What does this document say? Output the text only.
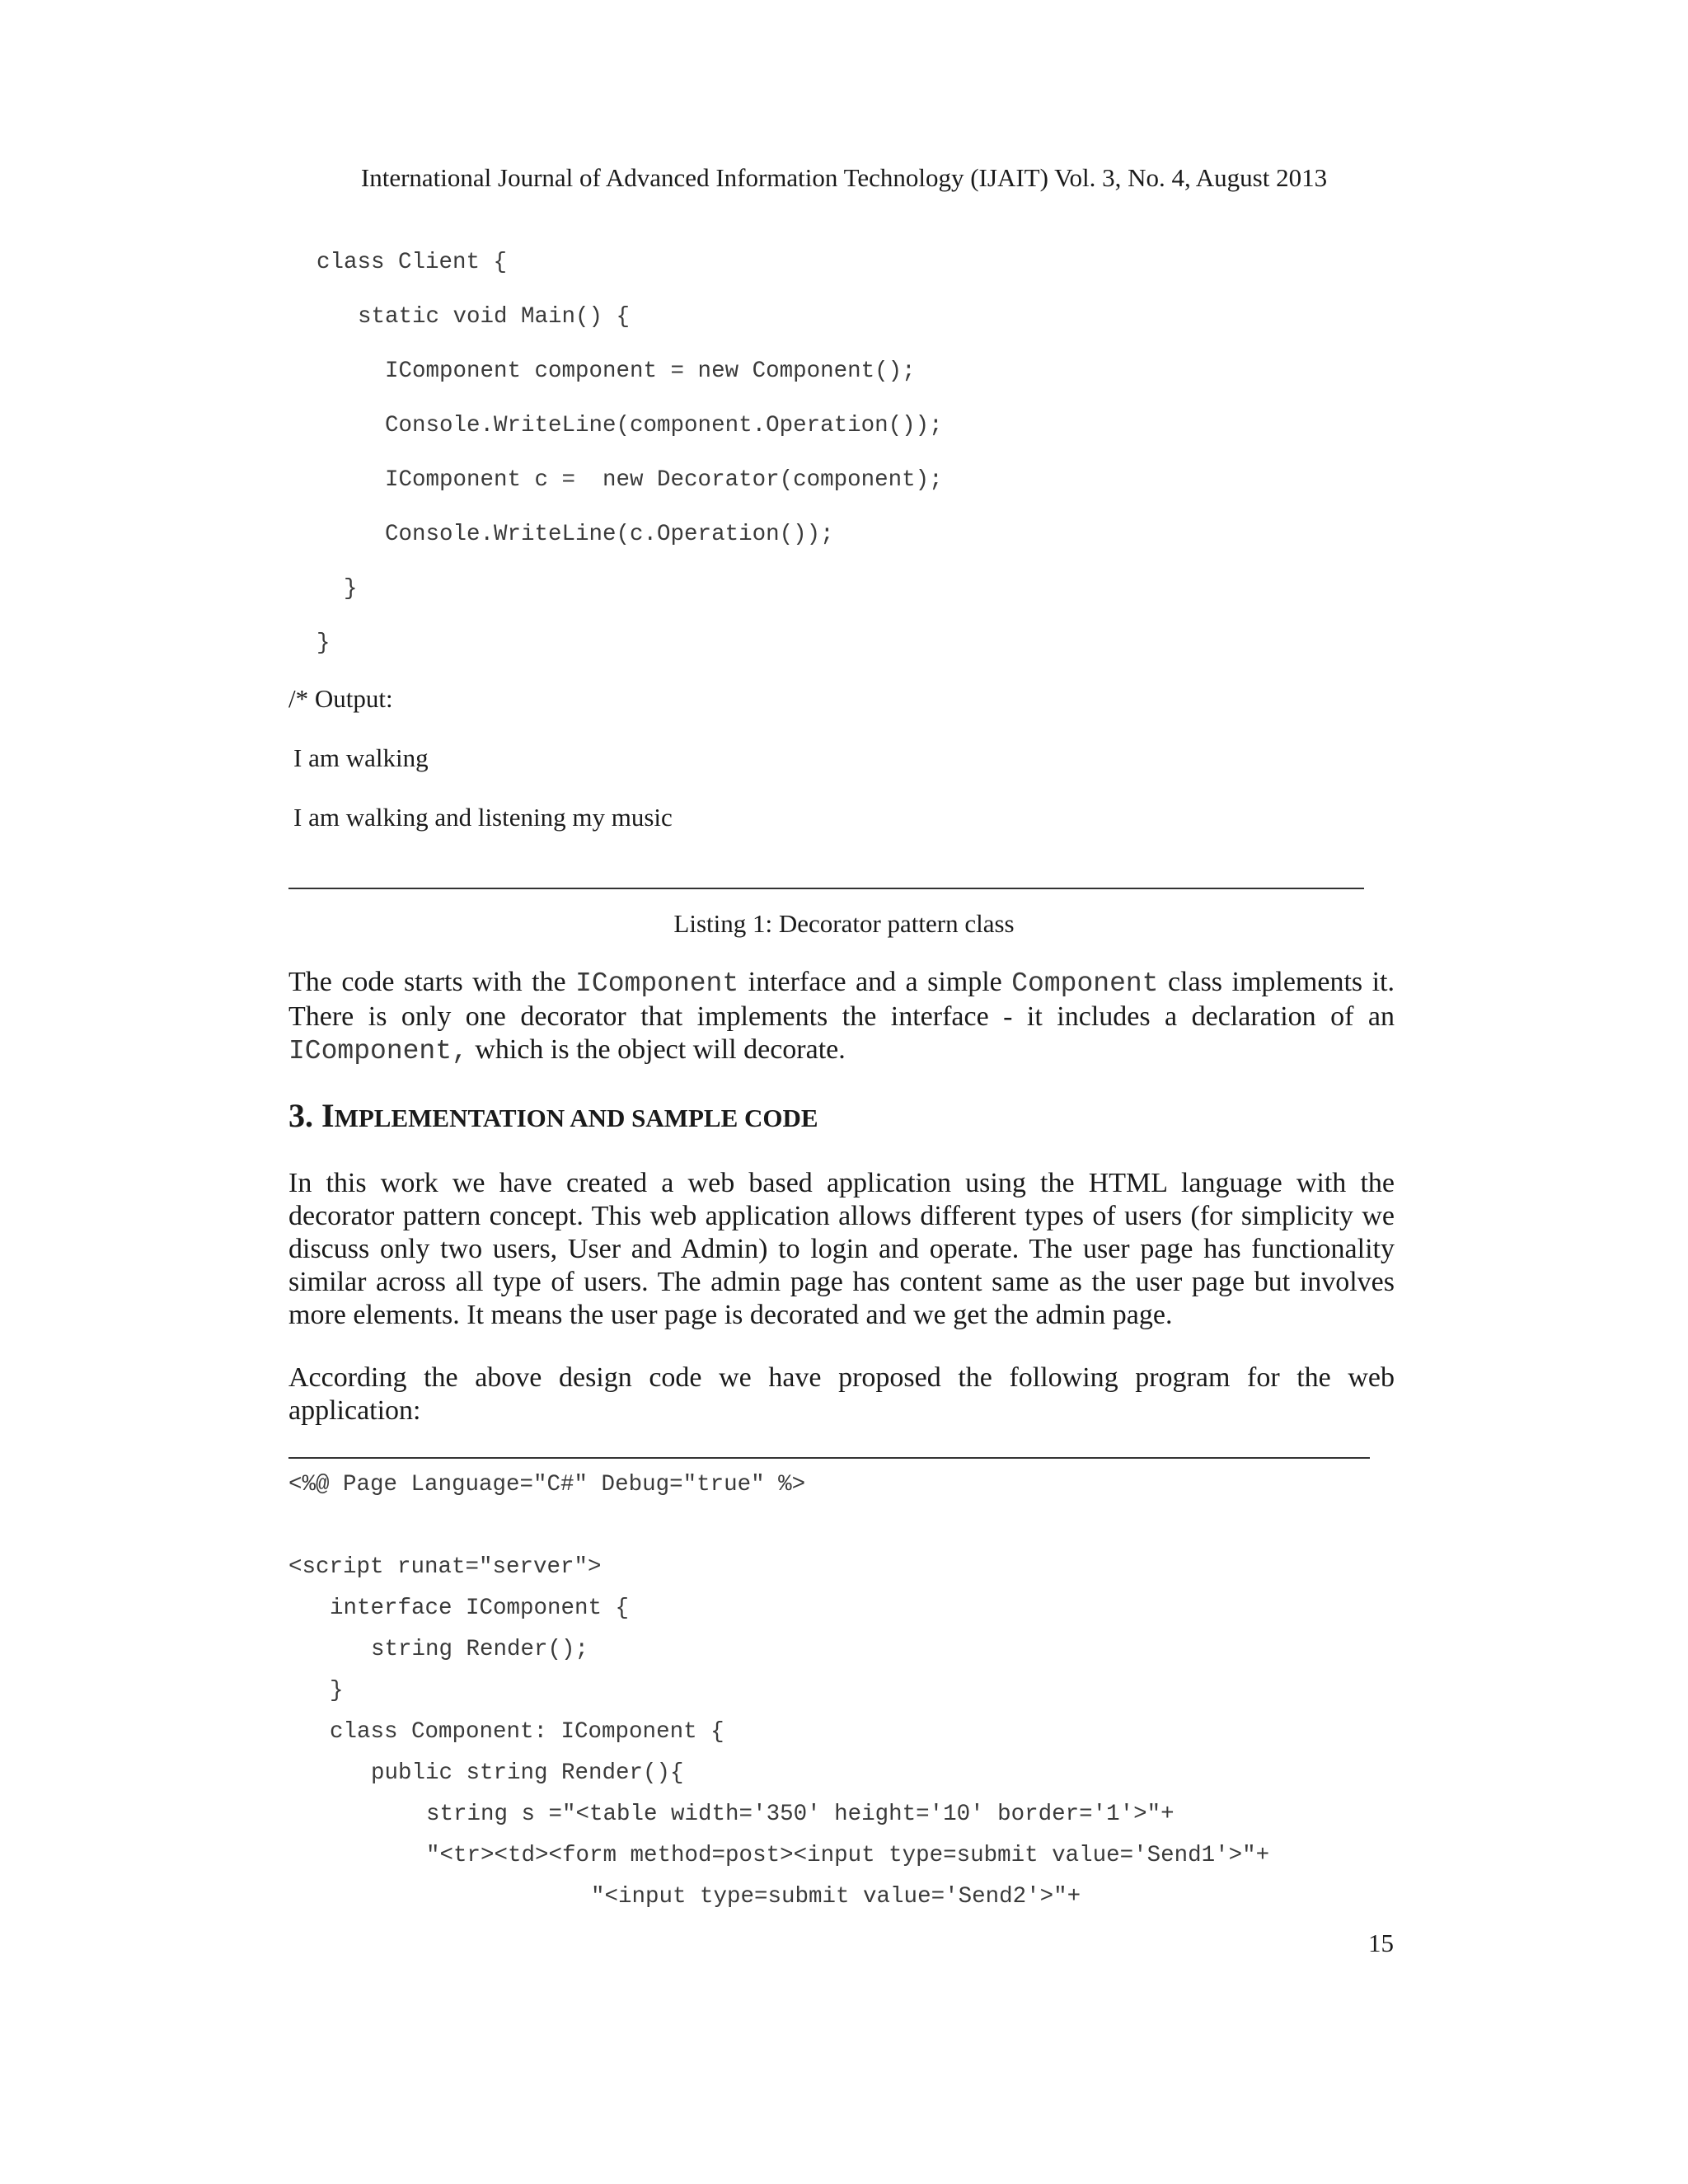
International Journal of Advanced Information Technology (IJAIT) Vol. 3, No. 4, August 2013
class Client {
static void Main() {
IComponent component = new Component();
Console.WriteLine(component.Operation());
IComponent c =  new Decorator(component);
Console.WriteLine(c.Operation());
}
}
/* Output:
I am walking
I am walking and listening my music
Listing 1: Decorator pattern class
The code starts with the IComponent interface and a simple Component class implements it.
There is only one decorator that implements the interface - it includes a declaration of an
IComponent, which is the object will decorate.
3. IMPLEMENTATION AND SAMPLE CODE
In this work we have created a web based application using the HTML language with the
decorator pattern concept. This web application allows different types of users (for simplicity we
discuss only two users, User and Admin) to login and operate. The user page has functionality
similar across all type of users. The admin page has content same as the user page but involves
more elements. It means the user page is decorated and we get the admin page.
According the above design code we have proposed the following program for the web
application:
<%@ Page Language="C#" Debug="true" %>
<script runat="server">
interface IComponent {
string Render();
}
class Component: IComponent {
public string Render(){
string s ="<table width='350' height='10' border='1'>"+
"<tr><td><form method=post><input type=submit value='Send1'>"+
"<input type=submit value='Send2'>"+
15
